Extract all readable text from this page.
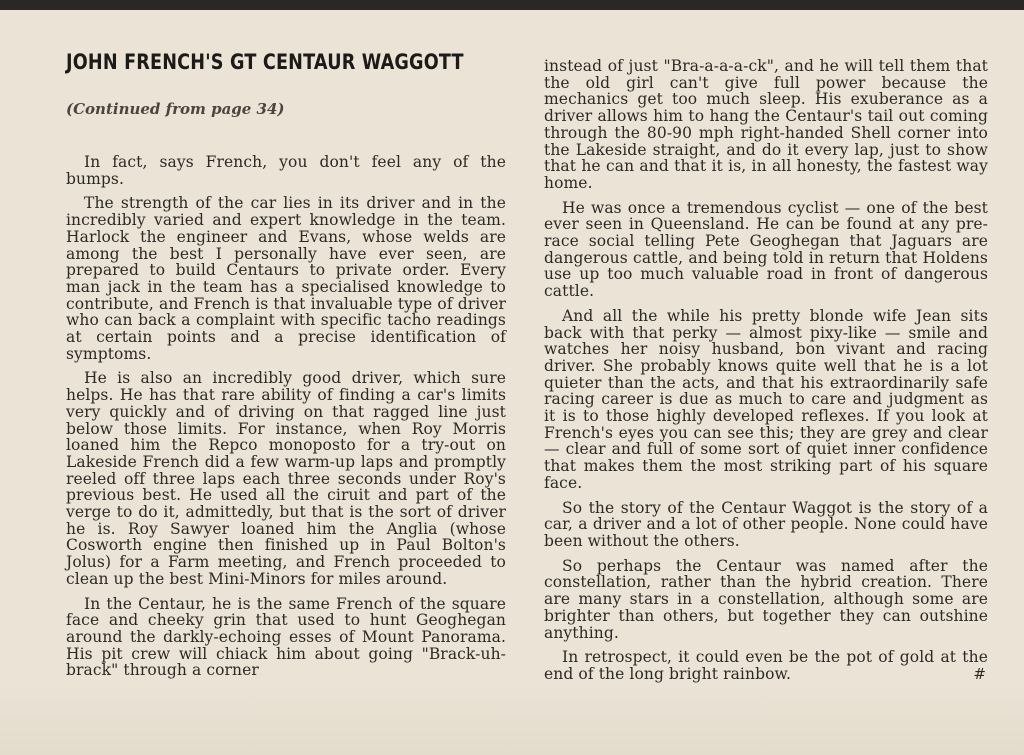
JOHN FRENCH'S GT CENTAUR WAGGOTT
(Continued from page 34)

In fact, says French, you don't feel any of the bumps.

The strength of the car lies in its driver and in the incredibly varied and expert knowledge in the team. Harlock the engineer and Evans, whose welds are among the best I personally have ever seen, are prepared to build Centaurs to private order. Every man jack in the team has a specialised knowledge to contribute, and French is that invaluable type of driver who can back a complaint with specific tacho readings at certain points and a precise identification of symptoms.

He is also an incredibly good driver, which sure helps. He has that rare ability of finding a car's limits very quickly and of driving on that ragged line just below those limits. For instance, when Roy Morris loaned him the Repco monoposto for a try-out on Lakeside French did a few warm-up laps and promptly reeled off three laps each three seconds under Roy's previous best. He used all the ciruit and part of the verge to do it, admittedly, but that is the sort of driver he is. Roy Sawyer loaned him the Anglia (whose Cosworth engine then finished up in Paul Bolton's Jolus) for a Farm meeting, and French proceeded to clean up the best Mini-Minors for miles around.

In the Centaur, he is the same French of the square face and cheeky grin that used to hunt Geoghegan around the darkly-echoing esses of Mount Panorama. His pit crew will chiack him about going "Brack-uh-brack" through a corner

instead of just "Bra-a-a-a-ck", and he will tell them that the old girl can't give full power because the mechanics get too much sleep. His exuberance as a driver allows him to hang the Centaur's tail out coming through the 80-90 mph right-handed Shell corner into the Lakeside straight, and do it every lap, just to show that he can and that it is, in all honesty, the fastest way home.

He was once a tremendous cyclist — one of the best ever seen in Queensland. He can be found at any pre-race social telling Pete Geoghegan that Jaguars are dangerous cattle, and being told in return that Holdens use up too much valuable road in front of dangerous cattle.

And all the while his pretty blonde wife Jean sits back with that perky — almost pixy-like — smile and watches her noisy husband, bon vivant and racing driver. She probably knows quite well that he is a lot quieter than the acts, and that his extraordinarily safe racing career is due as much to care and judgment as it is to those highly developed reflexes. If you look at French's eyes you can see this; they are grey and clear — clear and full of some sort of quiet inner confidence that makes them the most striking part of his square face.

So the story of the Centaur Waggot is the story of a car, a driver and a lot of other people. None could have been without the others.

So perhaps the Centaur was named after the constellation, rather than the hybrid creation. There are many stars in a constellation, although some are brighter than others, but together they can outshine anything.

In retrospect, it could even be the pot of gold at the end of the long bright rainbow.	#
